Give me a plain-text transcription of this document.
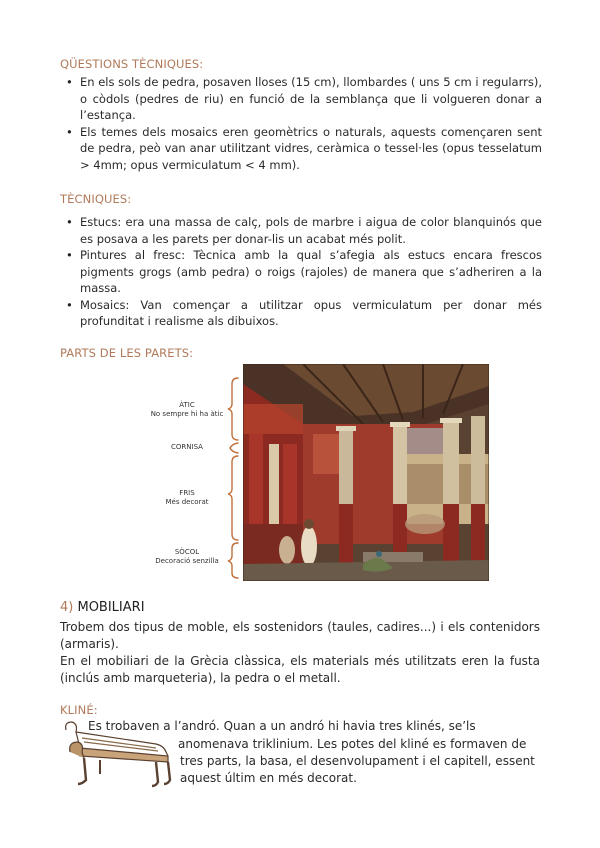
QÜESTIONS TÈCNIQUES:
• En els sols de pedra, posaven lloses (15 cm), llombardes ( uns 5 cm i regularrs), o còdols (pedres de riu) en funció de la semblança que li volgueren donar a l’estança.
• Els temes dels mosaics eren geomètrics o naturals, aquests començaren sent de pedra, peò van anar utilitzant vidres, ceràmica o tessel·les (opus tesselatum > 4mm; opus vermiculatum < 4 mm).
TÈCNIQUES:
• Estucs: era una massa de calç, pols de marbre i aigua de color blanquinós que es posava a les parets per donar-lis un acabat més polit.
• Pintures al fresc: Tècnica amb la qual s’afegia als estucs encara frescos pigments grogs (amb pedra) o roigs (rajoles) de manera que s’adheriren a la massa.
• Mosaics: Van començar a utilitzar opus vermiculatum per donar més profunditat i realisme als dibuixos.
PARTS DE LES PARETS:
ÀTIC
No sempre hi ha àtic
CORNISA
FRIS
Més decorat
SÒCOL
Decoració senzilla
4) MOBILIARI

Trobem dos tipus de moble, els sostenidors (taules, cadires...) i els contenidors (armaris).

En el mobiliari de la Grècia clàssica, els materials més utilitzats eren la fusta (inclús amb marqueteria), la pedra o el metall.

KLINÉ:
Es trobaven a l’andró. Quan a un andró hi havia tres klinés, se’ls
anomenava triklinium. Les potes del kliné es formaven de
tres parts, la basa, el desenvolupament i el capitell, essent
aquest últim en més decorat.
